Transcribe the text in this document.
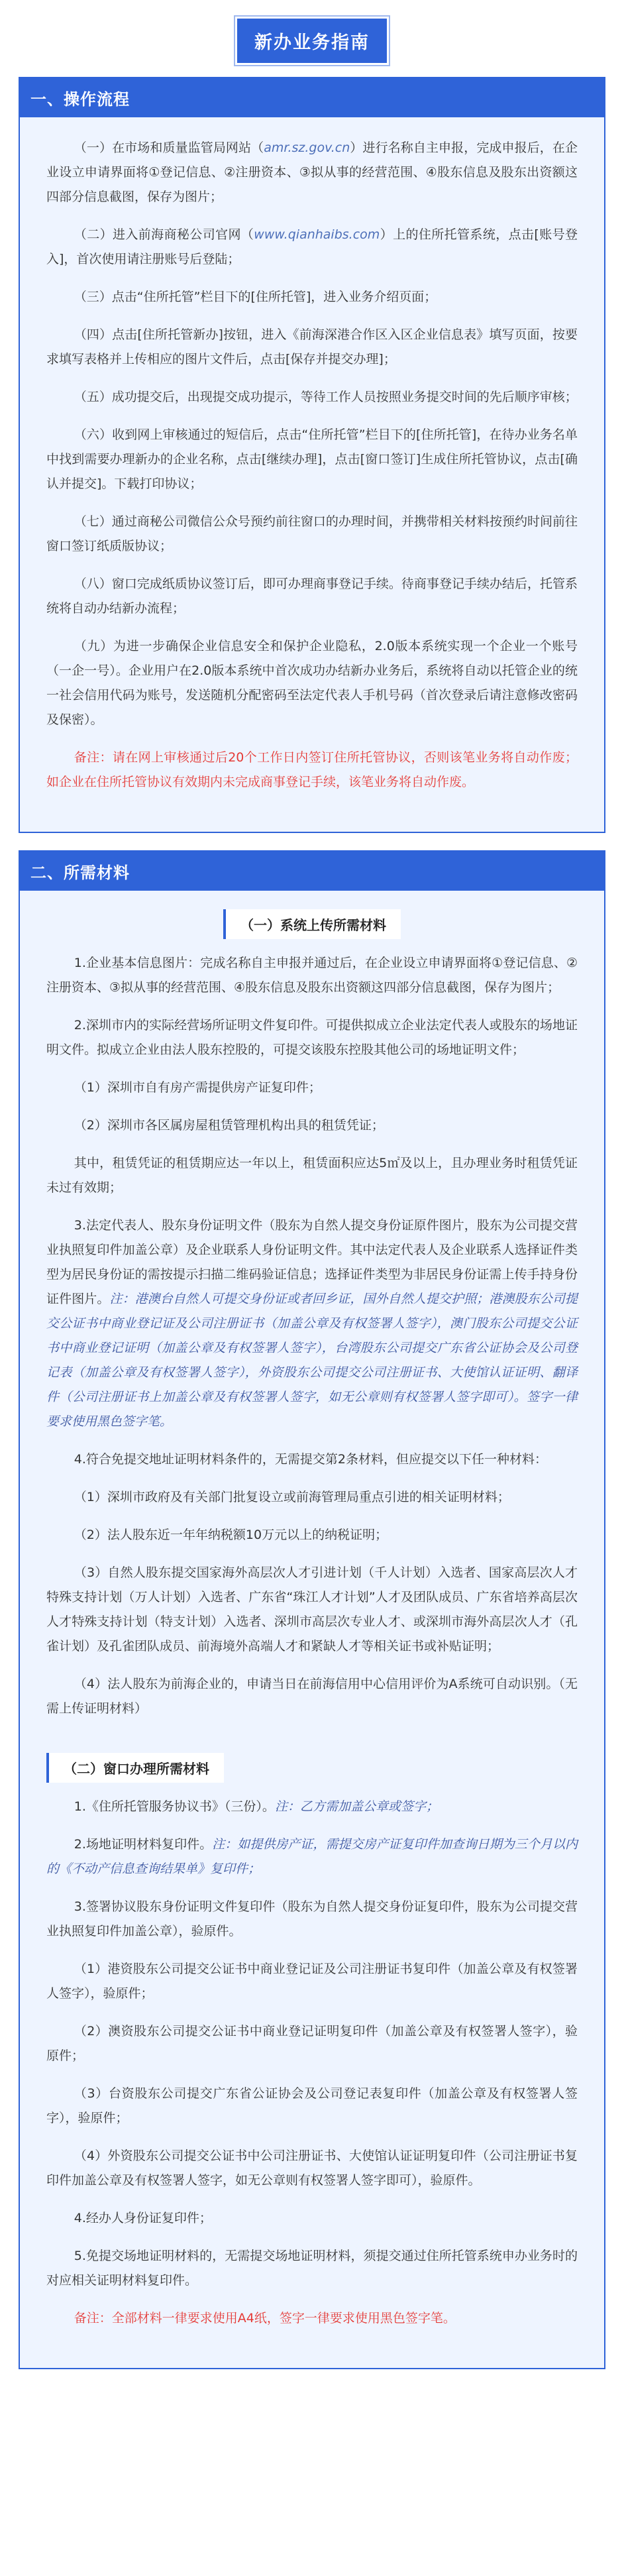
新办业务指南
一、操作流程

（一）在市场和质量监管局网站（amr.sz.gov.cn）进行名称自主申报，完成申报后，在企业设立申请界面将①登记信息、②注册资本、③拟从事的经营范围、④股东信息及股东出资额这四部分信息截图，保存为图片；

（二）进入前海商秘公司官网（www.qianhaibs.com）上的住所托管系统，点击[账号登入]，首次使用请注册账号后登陆；

（三）点击“住所托管”栏目下的[住所托管]，进入业务介绍页面；

（四）点击[住所托管新办]按钮，进入《前海深港合作区入区企业信息表》填写页面，按要求填写表格并上传相应的图片文件后，点击[保存并提交办理]；

（五）成功提交后，出现提交成功提示，等待工作人员按照业务提交时间的先后顺序审核；

（六）收到网上审核通过的短信后，点击“住所托管”栏目下的[住所托管]，在待办业务名单中找到需要办理新办的企业名称，点击[继续办理]，点击[窗口签订]生成住所托管协议，点击[确认并提交]。下载打印协议；

（七）通过商秘公司微信公众号预约前往窗口的办理时间，并携带相关材料按预约时间前往窗口签订纸质版协议；

（八）窗口完成纸质协议签订后，即可办理商事登记手续。待商事登记手续办结后，托管系统将自动办结新办流程；

（九）为进一步确保企业信息安全和保护企业隐私，2.0版本系统实现一个企业一个账号（一企一号）。企业用户在2.0版本系统中首次成功办结新办业务后，系统将自动以托管企业的统一社会信用代码为账号，发送随机分配密码至法定代表人手机号码（首次登录后请注意修改密码及保密）。

备注：请在网上审核通过后20个工作日内签订住所托管协议，否则该笔业务将自动作废；如企业在住所托管协议有效期内未完成商事登记手续，该笔业务将自动作废。

二、所需材料
（一）系统上传所需材料

1.企业基本信息图片：完成名称自主申报并通过后，在企业设立申请界面将①登记信息、②注册资本、③拟从事的经营范围、④股东信息及股东出资额这四部分信息截图，保存为图片；

2.深圳市内的实际经营场所证明文件复印件。可提供拟成立企业法定代表人或股东的场地证明文件。拟成立企业由法人股东控股的，可提交该股东控股其他公司的场地证明文件；

（1）深圳市自有房产需提供房产证复印件；

（2）深圳市各区属房屋租赁管理机构出具的租赁凭证；

其中，租赁凭证的租赁期应达一年以上，租赁面积应达5㎡及以上，且办理业务时租赁凭证未过有效期；

3.法定代表人、股东身份证明文件（股东为自然人提交身份证原件图片，股东为公司提交营业执照复印件加盖公章）及企业联系人身份证明文件。其中法定代表人及企业联系人选择证件类型为居民身份证的需按提示扫描二维码验证信息；选择证件类型为非居民身份证需上传手持身份证件图片。注：港澳台自然人可提交身份证或者回乡证，国外自然人提交护照；港澳股东公司提交公证书中商业登记证及公司注册证书（加盖公章及有权签署人签字），澳门股东公司提交公证书中商业登记证明（加盖公章及有权签署人签字），台湾股东公司提交广东省公证协会及公司登记表（加盖公章及有权签署人签字），外资股东公司提交公司注册证书、大使馆认证证明、翻译件（公司注册证书上加盖公章及有权签署人签字，如无公章则有权签署人签字即可）。签字一律要求使用黑色签字笔。

4.符合免提交地址证明材料条件的，无需提交第2条材料，但应提交以下任一种材料：

（1）深圳市政府及有关部门批复设立或前海管理局重点引进的相关证明材料；

（2）法人股东近一年年纳税额10万元以上的纳税证明；

（3）自然人股东提交国家海外高层次人才引进计划（千人计划）入选者、国家高层次人才特殊支持计划（万人计划）入选者、广东省“珠江人才计划”人才及团队成员、广东省培养高层次人才特殊支持计划（特支计划）入选者、深圳市高层次专业人才、或深圳市海外高层次人才（孔雀计划）及孔雀团队成员、前海境外高端人才和紧缺人才等相关证书或补贴证明；

（4）法人股东为前海企业的，申请当日在前海信用中心信用评价为A系统可自动识别。（无需上传证明材料）

（二）窗口办理所需材料

1.《住所托管服务协议书》（三份）。注：乙方需加盖公章或签字；

2.场地证明材料复印件。注：如提供房产证，需提交房产证复印件加查询日期为三个月以内的《不动产信息查询结果单》复印件；

3.签署协议股东身份证明文件复印件（股东为自然人提交身份证复印件，股东为公司提交营业执照复印件加盖公章），验原件。

（1）港资股东公司提交公证书中商业登记证及公司注册证书复印件（加盖公章及有权签署人签字），验原件；

（2）澳资股东公司提交公证书中商业登记证明复印件（加盖公章及有权签署人签字），验原件；

（3）台资股东公司提交广东省公证协会及公司登记表复印件（加盖公章及有权签署人签字），验原件；

（4）外资股东公司提交公证书中公司注册证书、大使馆认证证明复印件（公司注册证书复印件加盖公章及有权签署人签字，如无公章则有权签署人签字即可），验原件。

4.经办人身份证复印件；

5.免提交场地证明材料的，无需提交场地证明材料，须提交通过住所托管系统申办业务时的对应相关证明材料复印件。

备注：全部材料一律要求使用A4纸，签字一律要求使用黑色签字笔。
